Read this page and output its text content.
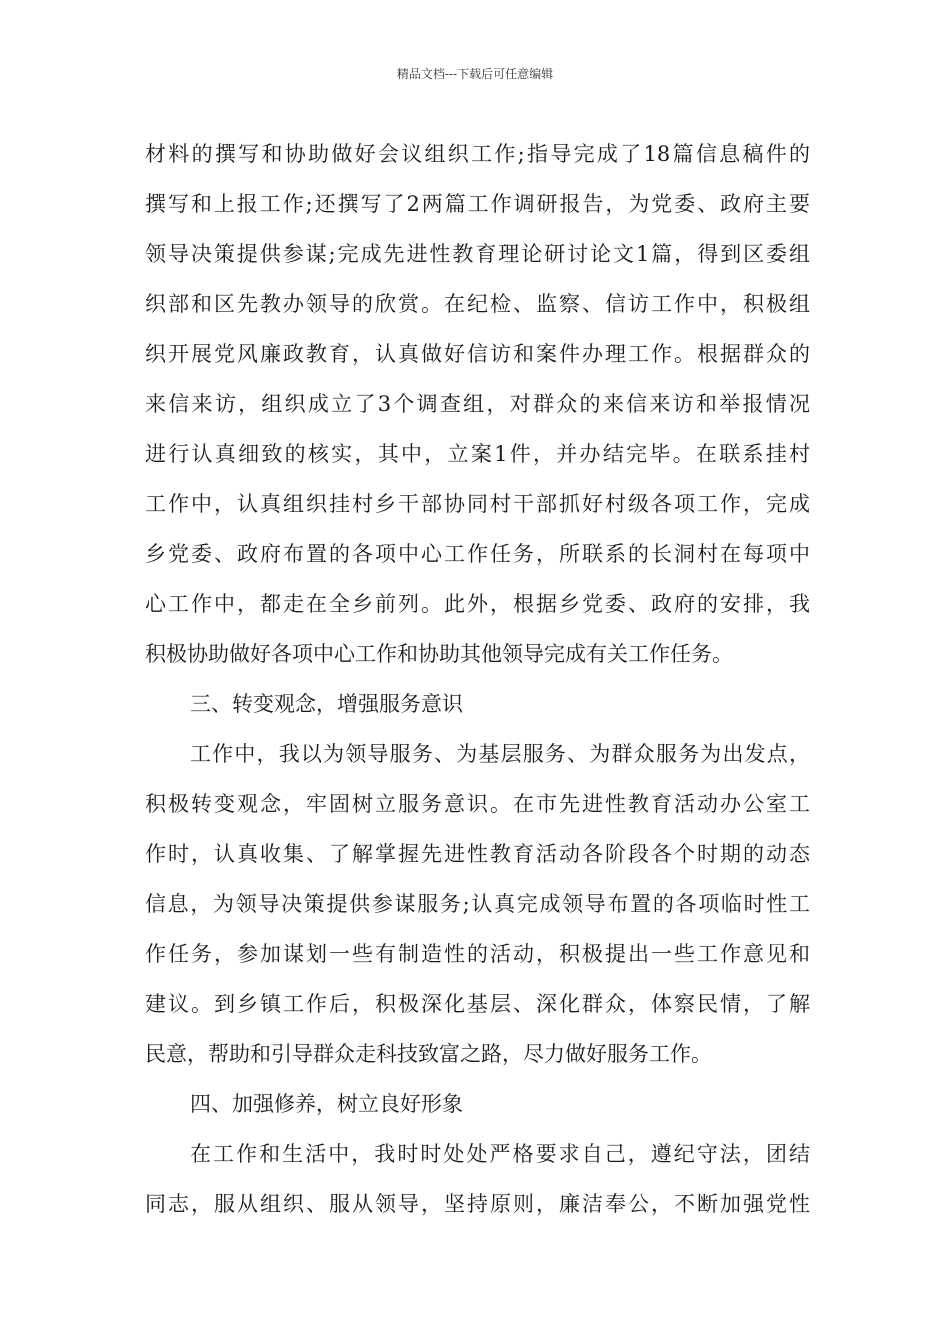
精品文档---下载后可任意编辑
材料的撰写和协助做好会议组织工作;指导完成了18篇信息稿件的
撰写和上报工作;还撰写了2两篇工作调研报告，为党委、政府主要
领导决策提供参谋;完成先进性教育理论研讨论文1篇，得到区委组
织部和区先教办领导的欣赏。在纪检、监察、信访工作中，积极组
织开展党风廉政教育，认真做好信访和案件办理工作。根据群众的
来信来访，组织成立了3个调查组，对群众的来信来访和举报情况
进行认真细致的核实，其中，立案1件，并办结完毕。在联系挂村
工作中，认真组织挂村乡干部协同村干部抓好村级各项工作，完成
乡党委、政府布置的各项中心工作任务，所联系的长洞村在每项中
心工作中，都走在全乡前列。此外，根据乡党委、政府的安排，我
积极协助做好各项中心工作和协助其他领导完成有关工作任务。
三、转变观念，增强服务意识
工作中，我以为领导服务、为基层服务、为群众服务为出发点，
积极转变观念，牢固树立服务意识。在市先进性教育活动办公室工
作时，认真收集、了解掌握先进性教育活动各阶段各个时期的动态
信息，为领导决策提供参谋服务;认真完成领导布置的各项临时性工
作任务，参加谋划一些有制造性的活动，积极提出一些工作意见和
建议。到乡镇工作后，积极深化基层、深化群众，体察民情，了解
民意，帮助和引导群众走科技致富之路，尽力做好服务工作。
四、加强修养，树立良好形象
在工作和生活中，我时时处处严格要求自己，遵纪守法，团结
同志，服从组织、服从领导，坚持原则，廉洁奉公，不断加强党性
